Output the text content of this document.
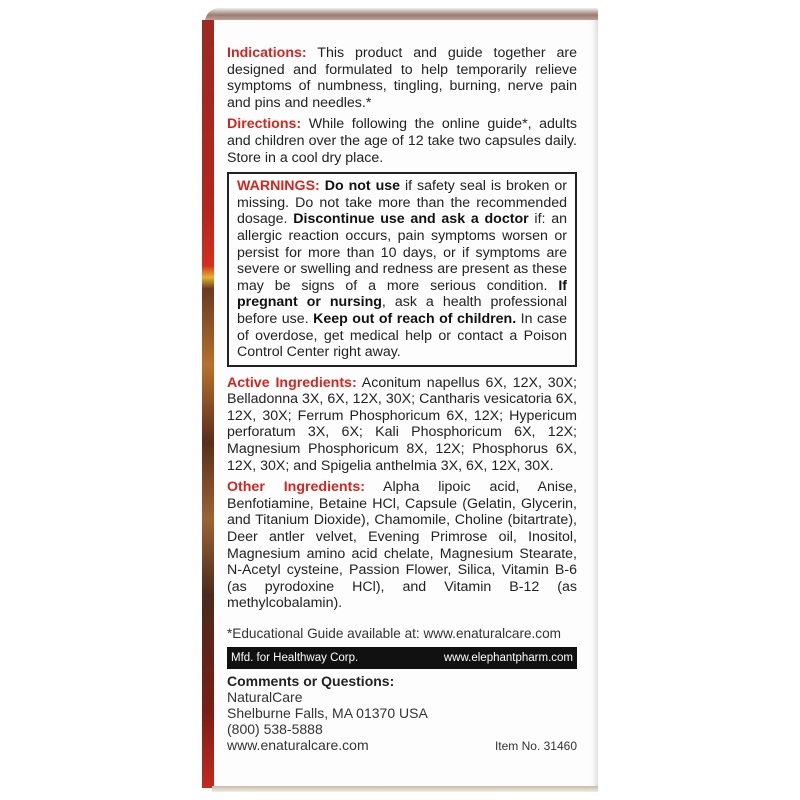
Indications: This product and guide together are designed and formulated to help temporarily relieve symptoms of numbness, tingling, burning, nerve pain and pins and needles.*

Directions: While following the online guide*, adults and children over the age of 12 take two capsules daily. Store in a cool dry place.

WARNINGS: Do not use if safety seal is broken or missing. Do not take more than the recommended dosage. Discontinue use and ask a doctor if: an allergic reaction occurs, pain symptoms worsen or persist for more than 10 days, or if symptoms are severe or swelling and redness are present as these may be signs of a more serious condition. If pregnant or nursing, ask a health professional before use. Keep out of reach of children. In case of overdose, get medical help or contact a Poison Control Center right away.

Active Ingredients: Aconitum napellus 6X, 12X, 30X; Belladonna 3X, 6X, 12X, 30X; Cantharis vesicatoria 6X, 12X, 30X; Ferrum Phosphoricum 6X, 12X; Hypericum perforatum 3X, 6X; Kali Phosphoricum 6X, 12X; Magnesium Phosphoricum 8X, 12X; Phosphorus 6X, 12X, 30X; and Spigelia anthelmia 3X, 6X, 12X, 30X.

Other Ingredients: Alpha lipoic acid, Anise, Benfotiamine, Betaine HCl, Capsule (Gelatin, Glycerin, and Titanium Dioxide), Chamomile, Choline (bitartrate), Deer antler velvet, Evening Primrose oil, Inositol, Magnesium amino acid chelate, Magnesium Stearate, N-Acetyl cysteine, Passion Flower, Silica, Vitamin B-6 (as pyrodoxine HCl), and Vitamin B-12 (as methylcobalamin).

*Educational Guide available at: www.enaturalcare.com
Mfd. for Healthway Corp.	www.elephantpharm.com
Comments or Questions:
NaturalCare
Shelburne Falls, MA 01370 USA
(800) 538-5888
www.enaturalcare.com	Item No. 31460
